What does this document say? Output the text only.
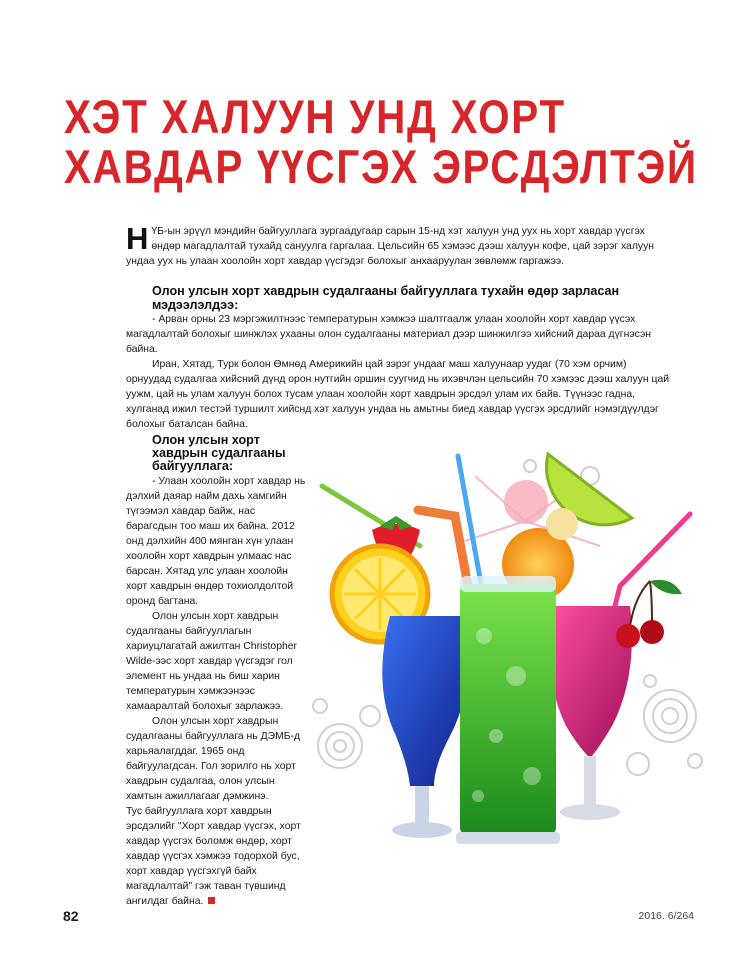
ХЭТ ХАЛУУН УНД ХОРТ
ХАВДАР ҮҮСГЭХ ЭРСДЭЛТЭЙ
Н ҮБ-ын эрүүл мэндийн байгууллага зургаадугаар сарын 15-нд хэт халуун унд уух нь хорт хавдар үүсгэх өндөр магадлалтай тухайд сануулга гаргалаа. Цельсийн 65 хэмээс дээш халуун кофе, цай зэрэг халуун ундаа уух нь улаан хоолойн хорт хавдар үүсгэдэг болохыг анхааруулан зөвлөмж гаргажээ.
Олон улсын хорт хавдрын судалгааны байгууллага тухайн өдөр зарласан мэдээлэлдээ:

- Арван орны 23 мэргэжилтнээс температурын хэмжээ шалтгаалж улаан хоолойн хорт хавдар үүсэх магадлалтай болохыг шинжлэх ухааны олон судалгааны материал дээр шинжилгээ хийсний дараа дүгнэсэн байна.

Иран, Хятад, Турк болон Өмнөд Америкийн цай зэрэг ундааг маш халуунаар уудаг (70 хэм орчим) орнуудад судалгаа хийсний дүнд орон нутгийн оршин суугчид нь ихэвчлэн цельсийн 70 хэмээс дээш халуун цай уужм, цай нь улам халуун болох тусам улаан хоолойн хорт хавдрын эрсдэл улам их байв. Түүнээс гадна, хулганад ижил тестэй туршилт хийснд хэт халуун ундаа нь амьтны биед хавдар үүсгэх эрсдлийг нэмэгдүүлдэг болохыг баталсан байна.

Олон улсын хорт
хавдрын судалгааны
байгууллага:

- Улаан хоолойн хорт хавдар нь дэлхий даяар найм дахь хамгийн түгээмэл хавдар байж, нас барагсдын тоо маш их байна. 2012 онд дэлхийн 400 мянган хүн улаан хоолойн хорт хавдрын улмаас нас барсан. Хятад улс улаан хоолойн хорт хавдрын өндөр тохиолдолтой оронд багтана.

Олон улсын хорт хавдрын судалгааны байгууллагын хариуцлагатай ажилтан Christopher Wilde-ээс хорт хавдар үүсгэдэг гол элемент нь ундаа нь биш харин температурын хэмжээнээс хамааралтай болохыг зарлажээ.

Олон улсын хорт хавдрын судалгааны байгууллага нь ДЭМБ-д харьяалагддаг. 1965 онд байгуулагдсан. Гол зорилго нь хорт хавдрын судалгаа, олон улсын хамтын ажиллагааг дэмжинэ.

Тус байгууллага хорт хавдрын эрсдэлийг "Хорт хавдар үүсгэх, хорт хавдар үүсгэх боломж өндөр, хорт хавдар үүсгэх хэмжээ тодорхой бус, хорт хавдар үүсгэхгүй байх магадлалтай" гэж таван түвшинд ангилдаг байна.

82	2016. 6/264
